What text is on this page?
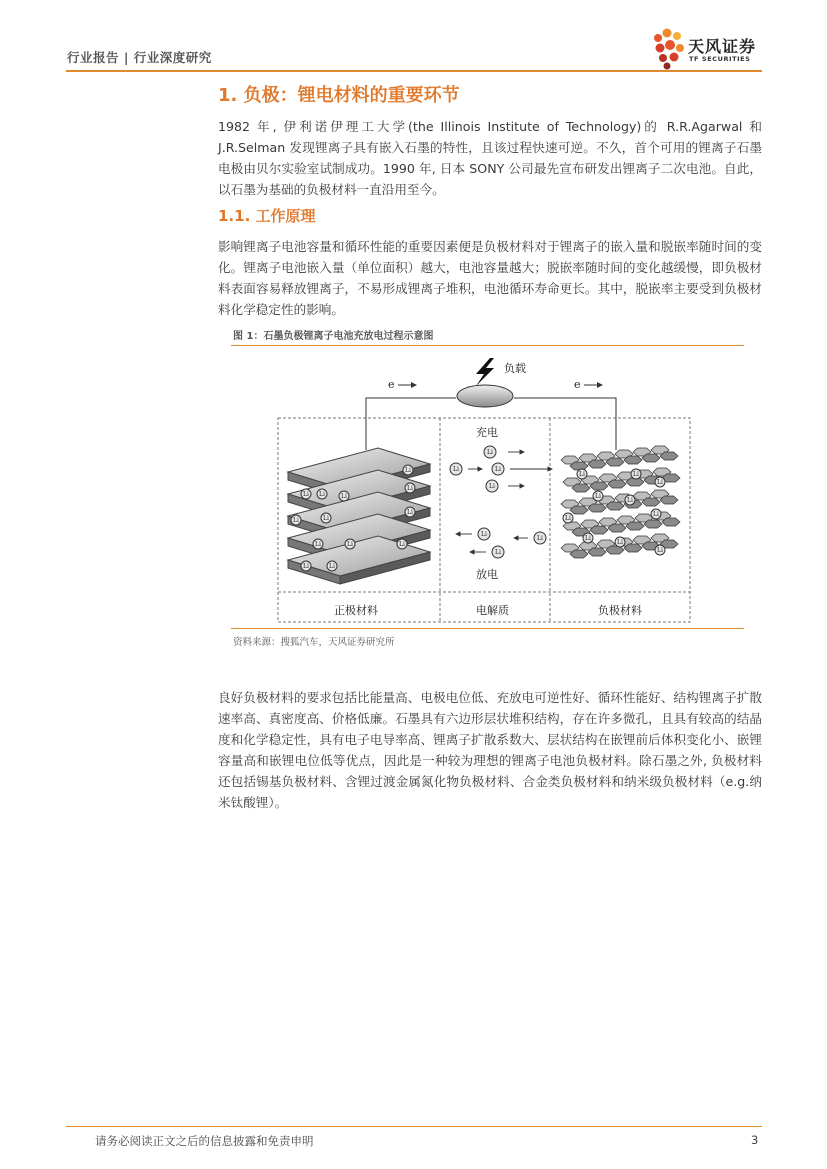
行业报告 | 行业深度研究
天风证券
TF SECURITIES
1. 负极：锂电材料的重要环节
1982 年, 伊利诺伊理工大学(the Illinois Institute of Technology)的 R.R.Agarwal 和 J.R.Selman 发现锂离子具有嵌入石墨的特性，且该过程快速可逆。不久，首个可用的锂离子石墨电极由贝尔实验室试制成功。1990 年, 日本 SONY 公司最先宣布研发出锂离子二次电池。自此，以石墨为基础的负极材料一直沿用至今。
1.1. 工作原理
影响锂离子电池容量和循环性能的重要因素便是负极材料对于锂离子的嵌入量和脱嵌率随时间的变化。锂离子电池嵌入量（单位面积）越大，电池容量越大；脱嵌率随时间的变化越缓慢，即负极材料表面容易释放锂离子，不易形成锂离子堆积，电池循环寿命更长。其中，脱嵌率主要受到负极材料化学稳定性的影响。
图 1：石墨负极锂离子电池充放电过程示意图
负载
e	e
Li
Li Li	Li
Li
Li	Li
Li
Li	Li	Li
Li	Li
充电
Li
Li
Li
Li
Li
Li
Li
放电
Li	Li
Li
Li
Li
Li
Li
Li
Li
Li
正极材料	电解质	负极材料
资料来源：搜狐汽车，天风证券研究所
良好负极材料的要求包括比能量高、电极电位低、充放电可逆性好、循环性能好、结构锂离子扩散速率高、真密度高、价格低廉。石墨具有六边形层状堆积结构，存在许多微孔，且具有较高的结晶度和化学稳定性，具有电子电导率高、锂离子扩散系数大、层状结构在嵌锂前后体积变化小、嵌锂容量高和嵌锂电位低等优点，因此是一种较为理想的锂离子电池负极材料。除石墨之外, 负极材料还包括锡基负极材料、含锂过渡金属氮化物负极材料、合金类负极材料和纳米级负极材料（e.g.纳米钛酸锂）。
请务必阅读正文之后的信息披露和免责申明	3
